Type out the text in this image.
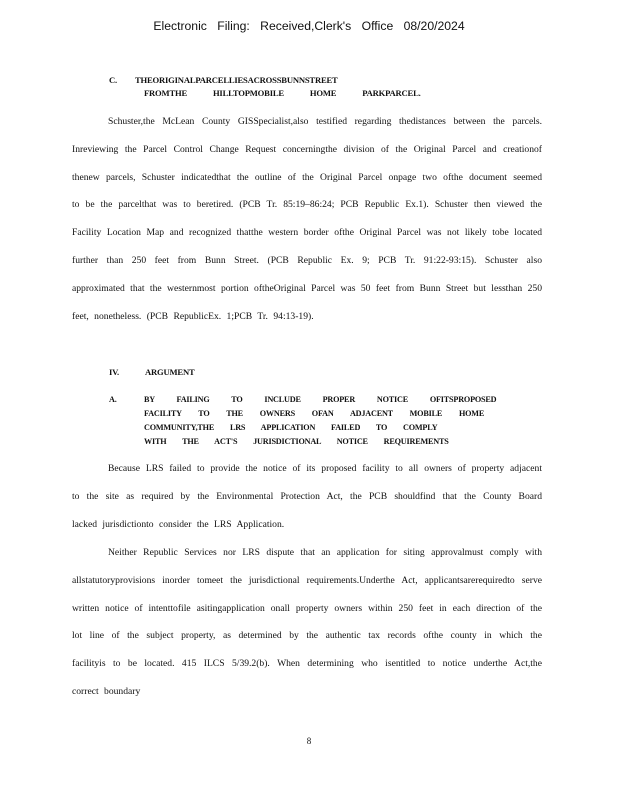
Electronic Filing: Received,Clerk's Office 08/20/2024
C. THEORIGINALPARCELLIESACROSSBUNNSTREET
FROMTHE HILLTOPMOBILE HOME PARKPARCEL.
Schuster,the McLean County GISSpecialist,also testified regarding thedistances between the parcels. Inreviewing the Parcel Control Change Request concerningthe division of the Original Parcel and creationof thenew parcels, Schuster indicatedthat the outline of the Original Parcel onpage two ofthe document seemed to be the parcelthat was to beretired. (PCB Tr. 85:19–86:24; PCB Republic Ex.1). Schuster then viewed the Facility Location Map and recognized thatthe western border ofthe Original Parcel was not likely tobe located further than 250 feet from Bunn Street. (PCB Republic Ex. 9; PCB Tr. 91:22-93:15). Schuster also approximated that the westernmost portion oftheOriginal Parcel was 50 feet from Bunn Street but lessthan 250 feet, nonetheless. (PCB RepublicEx. 1;PCB Tr. 94:13-19).
IV.	ARGUMENT
A.	BY FAILING TO INCLUDE PROPER NOTICE OFITSPROPOSED
FACILITY TO THE OWNERS OFAN ADJACENT MOBILE HOME
COMMUNITY,THE LRS APPLICATION FAILED TO COMPLY
WITH THE ACT'S JURISDICTIONAL NOTICE REQUIREMENTS
Because LRS failed to provide the notice of its proposed facility to all owners of property adjacent to the site as required by the Environmental Protection Act, the PCB shouldfind that the County Board lacked jurisdictionto consider the LRS Application.
Neither Republic Services nor LRS dispute that an application for siting approvalmust comply with allstatutoryprovisions inorder tomeet the jurisdictional requirements.Underthe Act, applicantsarerequiredto serve written notice of intenttofile asitingapplication onall property owners within 250 feet in each direction of the lot line of the subject property, as determined by the authentic tax records ofthe county in which the facilityis to be located. 415 ILCS 5/39.2(b). When determining who isentitled to notice underthe Act,the correct boundary
8
